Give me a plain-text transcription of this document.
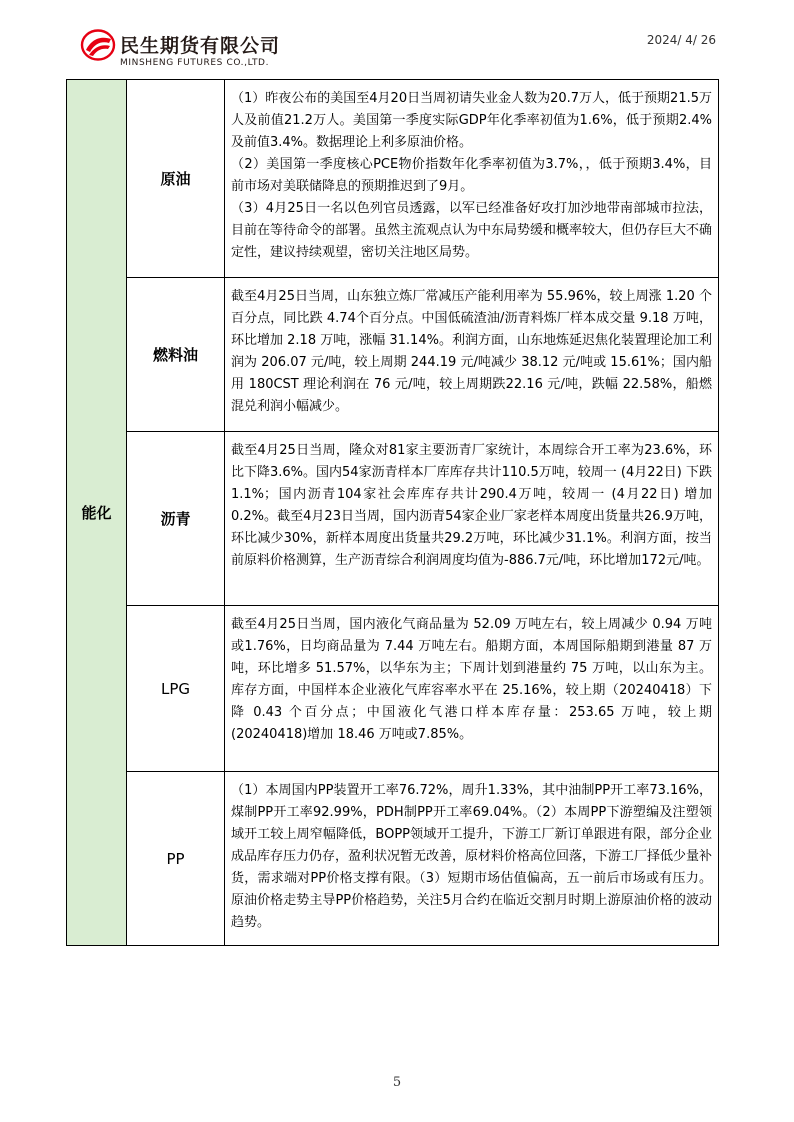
民生期货有限公司
MINSHENG FUTURES CO.,LTD.
2024/ 4/ 26
能化	原油	（1）昨夜公布的美国至4月20日当周初请失业金人数为20.7万人，低于预期21.5万人及前值21.2万人。美国第一季度实际GDP年化季率初值为1.6%，低于预期2.4%及前值3.4%。数据理论上利多原油价格。
（2）美国第一季度核心PCE物价指数年化季率初值为3.7%，，低于预期3.4%，目前市场对美联储降息的预期推迟到了9月。
（3）4月25日一名以色列官员透露，以军已经准备好攻打加沙地带南部城市拉法，目前在等待命令的部署。虽然主流观点认为中东局势缓和概率较大，但仍存巨大不确定性，建议持续观望，密切关注地区局势。

	燃料油	截至4月25日当周，山东独立炼厂常减压产能利用率为 55.96%，较上周涨 1.20 个百分点，同比跌 4.74个百分点。中国低硫渣油/沥青料炼厂样本成交量 9.18 万吨，环比增加 2.18 万吨，涨幅 31.14%。利润方面，山东地炼延迟焦化装置理论加工利润为 206.07 元/吨，较上周期 244.19 元/吨减少 38.12 元/吨或 15.61%；国内船用 180CST 理论利润在 76 元/吨，较上周期跌22.16 元/吨，跌幅 22.58%，船燃混兑利润小幅减少。

	沥青	截至4月25日当周，隆众对81家主要沥青厂家统计，本周综合开工率为23.6%，环比下降3.6%。国内54家沥青样本厂库库存共计110.5万吨，较周一 (4月22日) 下跌1.1%；国内沥青104家社会库库存共计290.4万吨，较周一 (4月22日) 增加0.2%。截至4月23日当周，国内沥青54家企业厂家老样本周度出货量共26.9万吨，环比减少30%，新样本周度出货量共29.2万吨，环比减少31.1%。利润方面，按当前原料价格测算，生产沥青综合利润周度均值为-886.7元/吨，环比增加172元/吨。

	LPG	截至4月25日当周，国内液化气商品量为 52.09 万吨左右，较上周减少 0.94 万吨或1.76%，日均商品量为 7.44 万吨左右。船期方面，本周国际船期到港量 87 万吨，环比增多 51.57%，以华东为主；下周计划到港量约 75 万吨，以山东为主。库存方面，中国样本企业液化气库容率水平在 25.16%，较上期（20240418）下降 0.43 个百分点；中国液化气港口样本库存量：253.65 万吨，较上期(20240418)增加 18.46 万吨或7.85%。

	PP	（1）本周国内PP装置开工率76.72%，周升1.33%，其中油制PP开工率73.16%，煤制PP开工率92.99%，PDH制PP开工率69.04%。（2）本周PP下游塑编及注塑领域开工较上周窄幅降低，BOPP领域开工提升，下游工厂新订单跟进有限，部分企业成品库存压力仍存，盈利状况暂无改善，原材料价格高位回落，下游工厂择低少量补货，需求端对PP价格支撑有限。（3）短期市场估值偏高，五一前后市场或有压力。原油价格走势主导PP价格趋势，关注5月合约在临近交割月时期上游原油价格的波动趋势。
5
